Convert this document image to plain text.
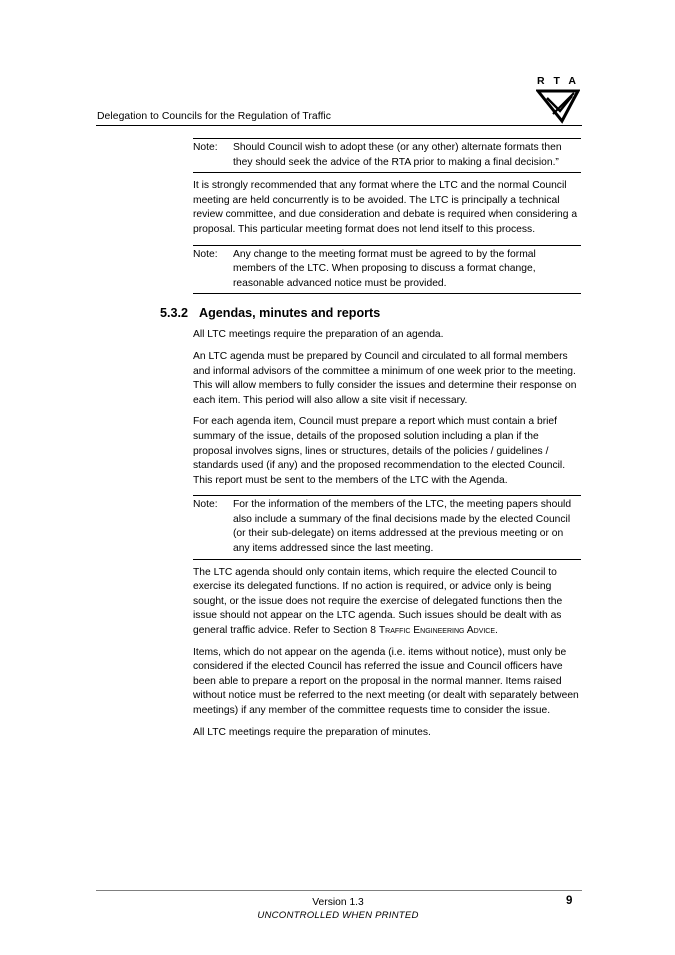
Delegation to Councils for the Regulation of Traffic
R T A
Note:	Should Council wish to adopt these (or any other) alternate formats then they should seek the advice of the RTA prior to making a final decision.”

It is strongly recommended that any format where the LTC and the normal Council meeting are held concurrently is to be avoided. The LTC is principally a technical review committee, and due consideration and debate is required when considering a proposal. This particular meeting format does not lend itself to this process.

Note:	Any change to the meeting format must be agreed to by the formal members of the LTC. When proposing to discuss a format change, reasonable advanced notice must be provided.
5.3.2 Agendas, minutes and reports

All LTC meetings require the preparation of an agenda.

An LTC agenda must be prepared by Council and circulated to all formal members and informal advisors of the committee a minimum of one week prior to the meeting. This will allow members to fully consider the issues and determine their response on each item. This period will also allow a site visit if necessary.

For each agenda item, Council must prepare a report which must contain a brief summary of the issue, details of the proposed solution including a plan if the proposal involves signs, lines or structures, details of the policies / guidelines / standards used (if any) and the proposed recommendation to the elected Council. This report must be sent to the members of the LTC with the Agenda.

Note:	For the information of the members of the LTC, the meeting papers should also include a summary of the final decisions made by the elected Council (or their sub-delegate) on items addressed at the previous meeting or on any items addressed since the last meeting.

The LTC agenda should only contain items, which require the elected Council to exercise its delegated functions. If no action is required, or advice only is being sought, or the issue does not require the exercise of delegated functions then the issue should not appear on the LTC agenda. Such issues should be dealt with as general traffic advice. Refer to Section 8 Traffic Engineering Advice.

Items, which do not appear on the agenda (i.e. items without notice), must only be considered if the elected Council has referred the issue and Council officers have been able to prepare a report on the proposal in the normal manner. Items raised without notice must be referred to the next meeting (or dealt with separately between meetings) if any member of the committee requests time to consider the issue.

All LTC meetings require the preparation of minutes.

Version 1.3
UNCONTROLLED WHEN PRINTED
9
